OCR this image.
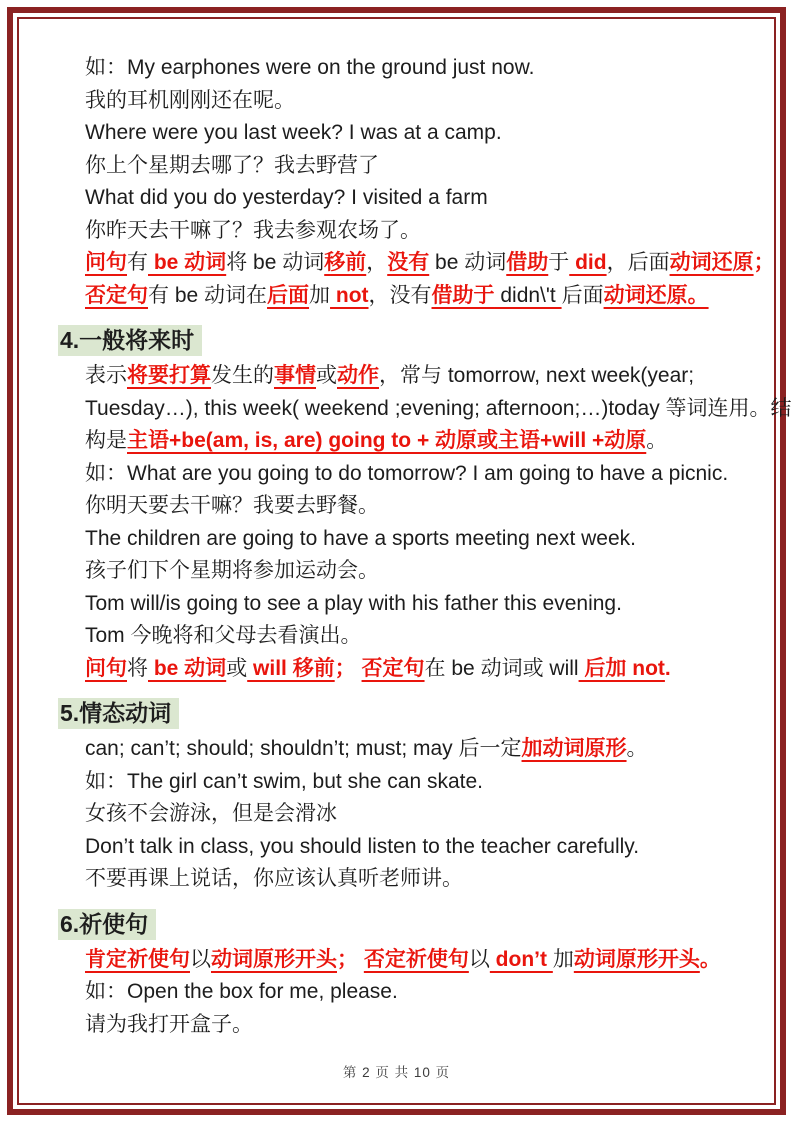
如：My earphones were on the ground just now.
我的耳机刚刚还在呢。
Where were you last week? I was at a camp.
你上个星期去哪了？我去野营了
What did you do yesterday? I visited a farm
你昨天去干嘛了？我去参观农场了。
问句有 be 动词将 be 动词移前，没有 be 动词借助于 did，后面动词还原；
否定句有 be 动词在后面加 not，没有借助于 didn\'t 后面动词还原。
4.一般将来时
表示将要打算发生的事情或动作，常与 tomorrow, next week(year;
Tuesday…), this week( weekend ;evening; afternoon;…)today 等词连用。结
构是主语+be(am, is, are) going to + 动原或主语+will +动原。
如：What are you going to do tomorrow? I am going to have a picnic.
你明天要去干嘛？我要去野餐。
The children are going to have a sports meeting next week.
孩子们下个星期将参加运动会。
Tom will/is going to see a play with his father this evening.
Tom 今晚将和父母去看演出。
问句将 be 动词或 will 移前； 否定句在 be 动词或 will 后加 not.
5.情态动词
can; can’t; should; shouldn’t; must; may 后一定加动词原形。
如：The girl can’t swim, but she can skate.
女孩不会游泳，但是会滑冰
Don’t talk in class, you should listen to the teacher carefully.
不要再课上说话，你应该认真听老师讲。
6.祈使句
肯定祈使句以动词原形开头； 否定祈使句以 don’t 加动词原形开头。
如：Open the box for me, please.
请为我打开盒子。
第 2 页 共 10 页
